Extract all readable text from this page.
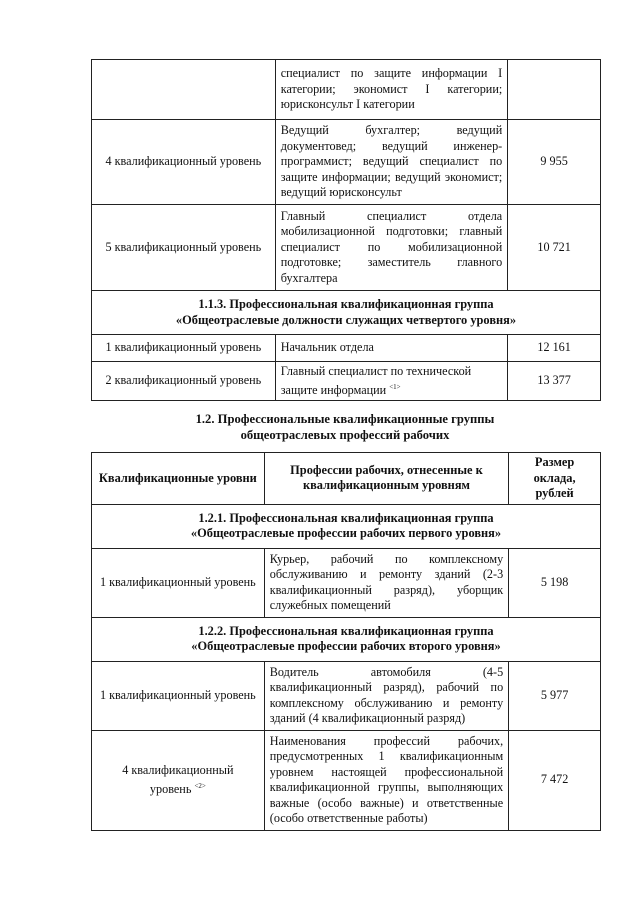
	специалист по защите информации I категории; экономист I категории; юрисконсульт I категории	
4 квалификационный уровень	Ведущий бухгалтер; ведущий документовед; ведущий инженер-программист; ведущий специалист по защите информации; ведущий экономист; ведущий юрисконсульт	9 955
5 квалификационный уровень	Главный специалист отдела мобилизационной подготовки; главный специалист по мобилизационной подготовке; заместитель главного бухгалтера	10 721

1.1.3. Профессиональная квалификационная группа
«Общеотраслевые должности служащих четвертого уровня»		

1 квалификационный уровень	Начальник отдела	12 161
2 квалификационный уровень	Главный специалист по технической защите информации $^{<1>}$	13 377
1.2. Профессиональные квалификационные группы
общеотраслевых профессий рабочих
Квалификационные уровни	Профессии рабочих, отнесенные к квалификационным уровням	Размер оклада, рублей

1.2.1. Профессиональная квалификационная группа
«Общеотраслевые профессии рабочих первого уровня»		

1 квалификационный уровень	Курьер, рабочий по комплексному обслуживанию и ремонту зданий (2-3 квалификационный разряд), уборщик служебных помещений	5 198

1.2.2. Профессиональная квалификационная группа
«Общеотраслевые профессии рабочих второго уровня»		

1 квалификационный уровень	Водитель автомобиля (4-5 квалификационный разряд), рабочий по комплексному обслуживанию и ремонту зданий (4 квалификационный разряд)	5 977

4 квалификационный
уровень $^{<2>}$	Наименования профессий рабочих, предусмотренных 1 квалификационным уровнем настоящей профессиональной квалификационной группы, выполняющих важные (особо важные) и ответственные (особо ответственные работы)	7 472
